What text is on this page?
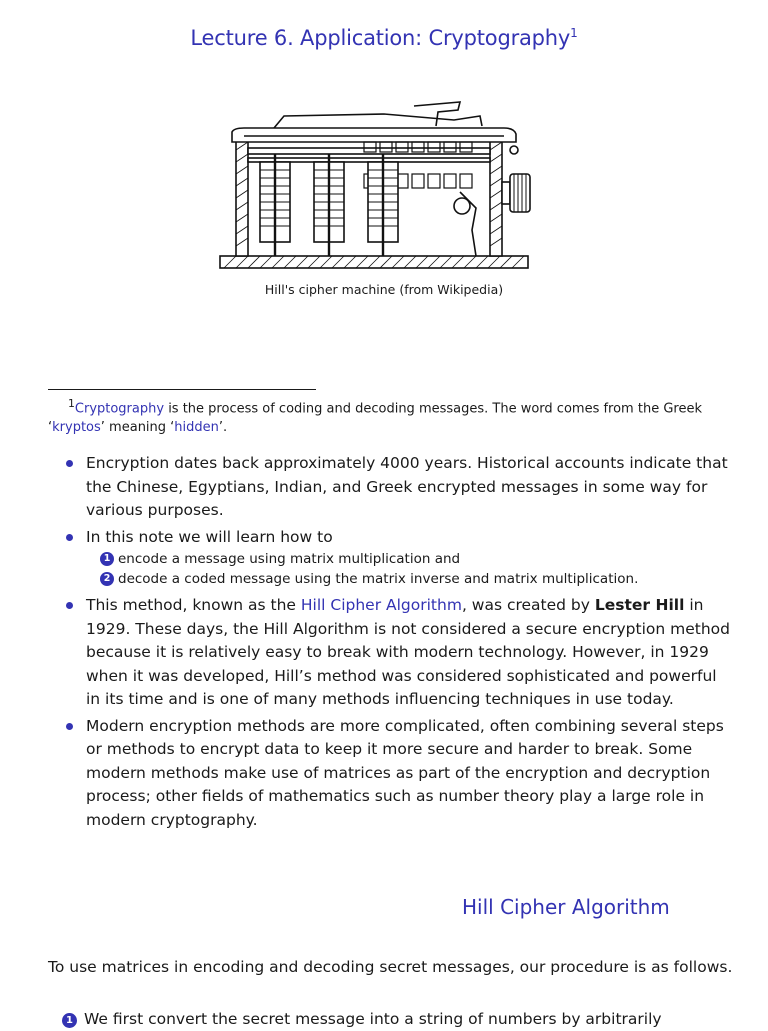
Lecture 6. Application: Cryptography$^1$
Hill's cipher machine (from Wikipedia)
$^1$Cryptography is the process of coding and decoding messages. The word comes from the Greek
‘kryptos’ meaning ‘hidden’.
Encryption dates back approximately 4000 years. Historical accounts indicate that the Chinese, Egyptians, Indian, and Greek encrypted messages in some way for various purposes.
In this note we will learn how to
1 encode a message using matrix multiplication and
2 decode a coded message using the matrix inverse and matrix multiplication.
This method, known as the Hill Cipher Algorithm, was created by Lester Hill in 1929. These days, the Hill Algorithm is not considered a secure encryption method because it is relatively easy to break with modern technology. However, in 1929 when it was developed, Hill’s method was considered sophisticated and powerful in its time and is one of many methods influencing techniques in use today.
Modern encryption methods are more complicated, often combining several steps or methods to encrypt data to keep it more secure and harder to break. Some modern methods make use of matrices as part of the encryption and decryption process; other fields of mathematics such as number theory play a large role in modern cryptography.
Hill Cipher Algorithm
To use matrices in encoding and decoding secret messages, our procedure is as follows.
1 We first convert the secret message into a string of numbers by arbitrarily
